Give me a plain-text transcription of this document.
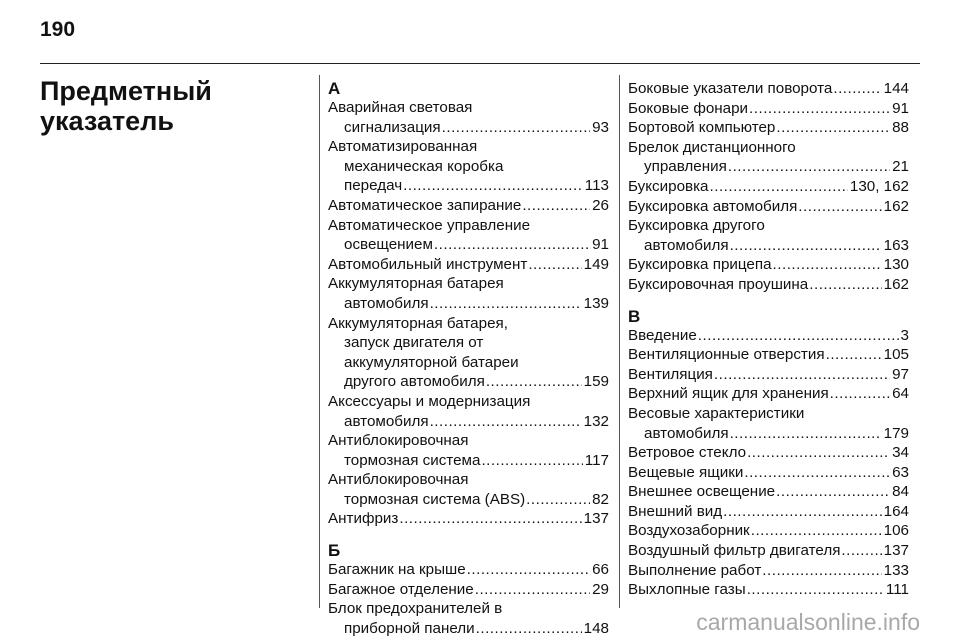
190
Предметный
указатель
А
Аварийная световая
сигнализация .....	93
Автоматизированная
механическая коробка
передач .....	113
Автоматическое запирание .....	26
Автоматическое управление
освещением .....	91
Автомобильный инструмент .....	149
Аккумуляторная батарея
автомобиля .....	139
Аккумуляторная батарея,
запуск двигателя от
аккумуляторной батареи
другого автомобиля .....	159
Аксессуары и модернизация
автомобиля .....	132
Антиблокировочная
тормозная система .....	117
Антиблокировочная
тормозная система (ABS) .....	82
Антифриз .....	137
Б
Багажник на крыше .....	66
Багажное отделение .....	29
Блок предохранителей в
приборной панели .....	148
Боковые указатели поворота .....	144
Боковые фонари .....	91
Бортовой компьютер .....	88
Брелок дистанционного
управления .....	21
Буксировка .....	130, 162
Буксировка автомобиля .....	162
Буксировка другого
автомобиля .....	163
Буксировка прицепа .....	130
Буксировочная проушина .....	162
В
Введение .....	3
Вентиляционные отверстия .....	105
Вентиляция .....	97
Верхний ящик для хранения .....	64
Весовые характеристики
автомобиля .....	179
Ветровое стекло .....	34
Вещевые ящики .....	63
Внешнее освещение .....	84
Внешний вид .....	164
Воздухозаборник .....	106
Воздушный фильтр двигателя .....	137
Выполнение работ .....	133
Выхлопные газы .....	111
carmanualsonline.info
